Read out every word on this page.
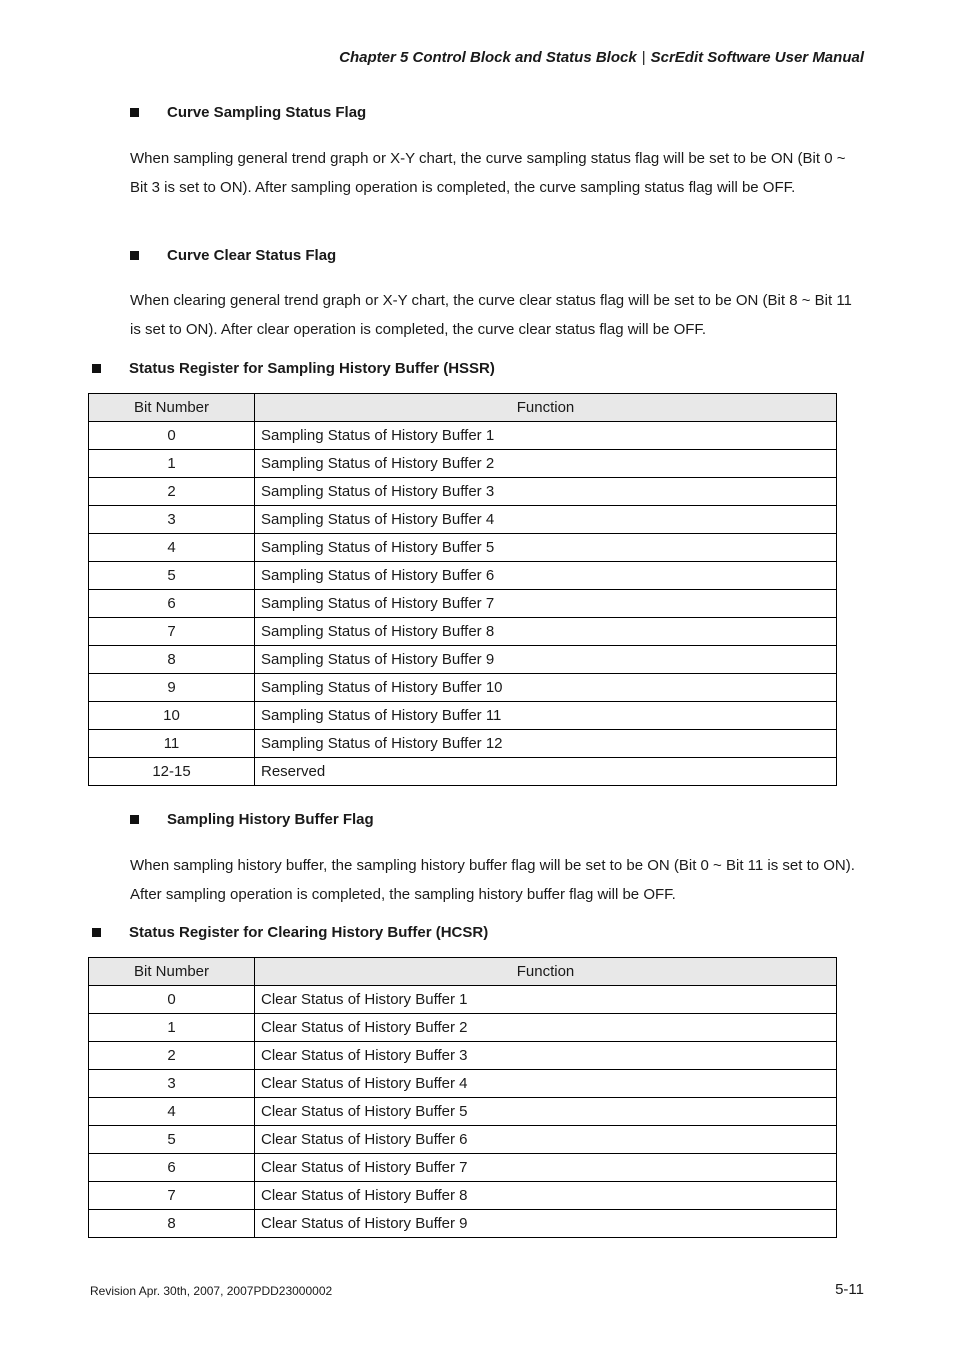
Chapter 5 Control Block and Status Block | ScrEdit Software User Manual
Curve Sampling Status Flag
When sampling general trend graph or X-Y chart, the curve sampling status flag will be set to be ON (Bit 0 ~ Bit 3 is set to ON). After sampling operation is completed, the curve sampling status flag will be OFF.
Curve Clear Status Flag
When clearing general trend graph or X-Y chart, the curve clear status flag will be set to be ON (Bit 8 ~ Bit 11 is set to ON). After clear operation is completed, the curve clear status flag will be OFF.
Status Register for Sampling History Buffer (HSSR)
Bit Number	Function
0	Sampling Status of History Buffer 1
1	Sampling Status of History Buffer 2
2	Sampling Status of History Buffer 3
3	Sampling Status of History Buffer 4
4	Sampling Status of History Buffer 5
5	Sampling Status of History Buffer 6
6	Sampling Status of History Buffer 7
7	Sampling Status of History Buffer 8
8	Sampling Status of History Buffer 9
9	Sampling Status of History Buffer 10
10	Sampling Status of History Buffer 11
11	Sampling Status of History Buffer 12
12-15	Reserved
Sampling History Buffer Flag
When sampling history buffer, the sampling history buffer flag will be set to be ON (Bit 0 ~ Bit 11 is set to ON). After sampling operation is completed, the sampling history buffer flag will be OFF.
Status Register for Clearing History Buffer (HCSR)
Bit Number	Function
0	Clear Status of History Buffer 1
1	Clear Status of History Buffer 2
2	Clear Status of History Buffer 3
3	Clear Status of History Buffer 4
4	Clear Status of History Buffer 5
5	Clear Status of History Buffer 6
6	Clear Status of History Buffer 7
7	Clear Status of History Buffer 8
8	Clear Status of History Buffer 9
Revision Apr. 30th, 2007, 2007PDD23000002	5-11
